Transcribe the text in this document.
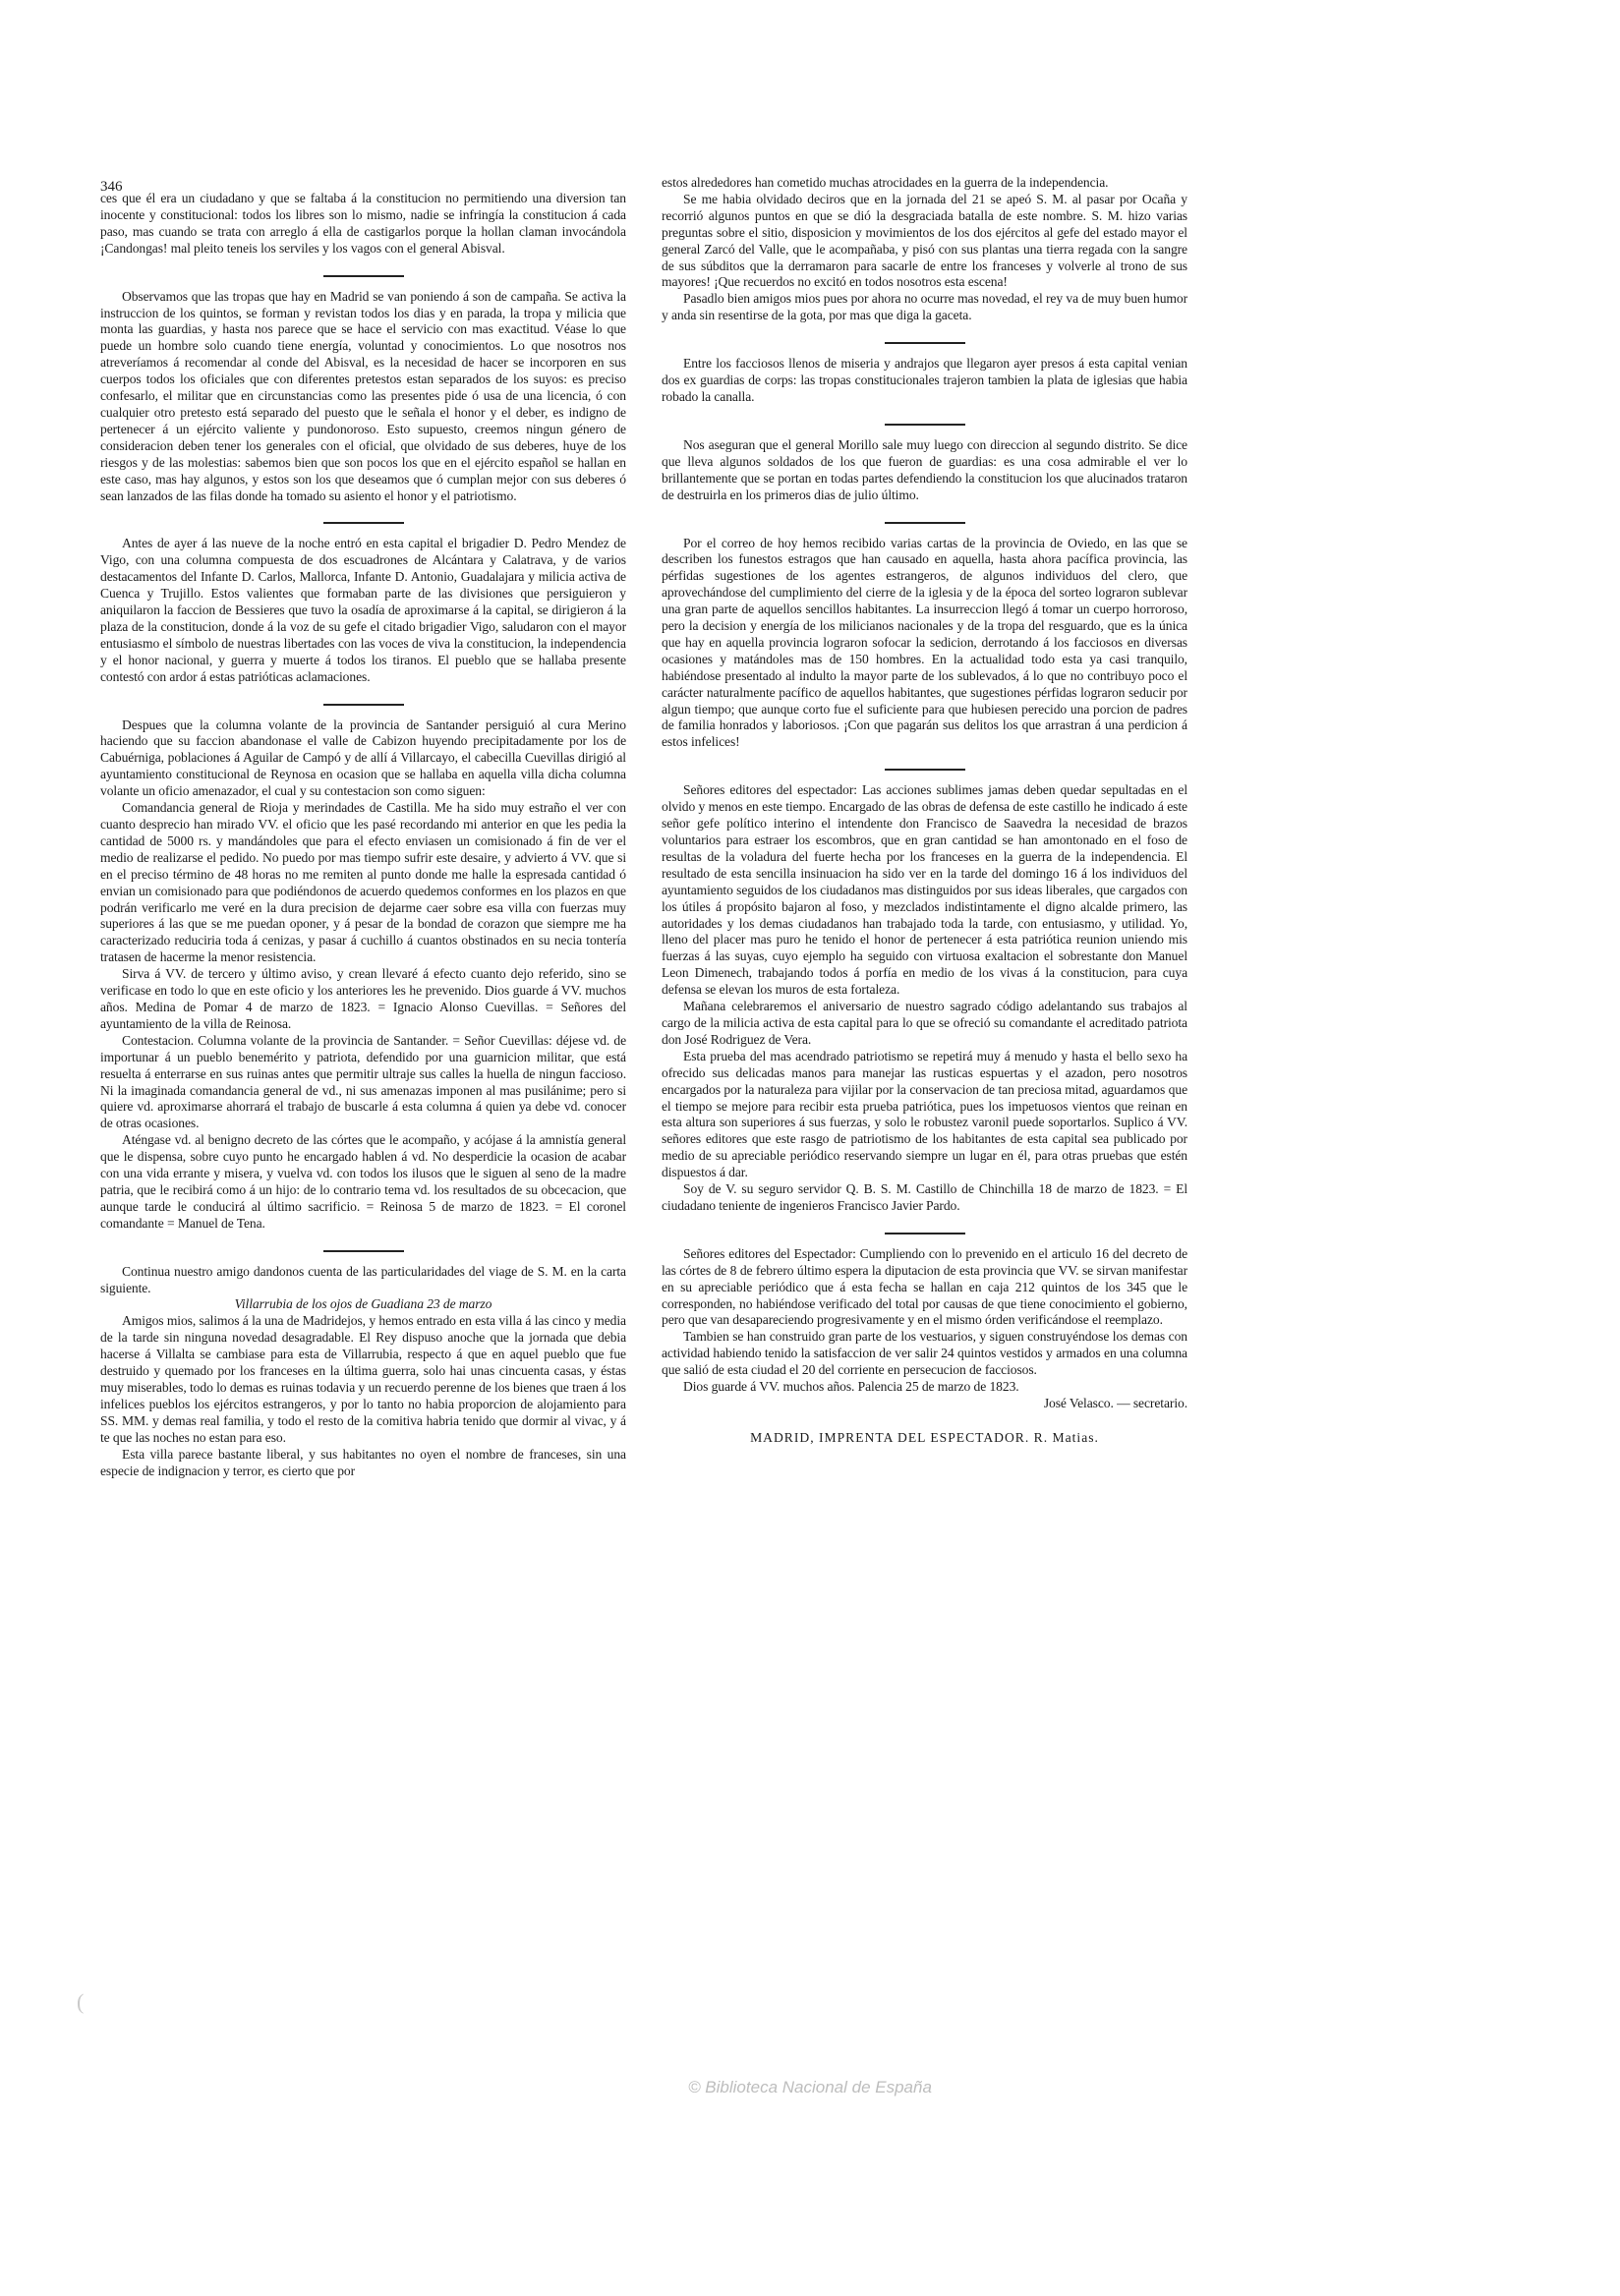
346

ces que él era un ciudadano y que se faltaba á la constitucion no permitiendo una diversion tan inocente y constitucional: todos los libres son lo mismo, nadie se infringía la constitucion á cada paso, mas cuando se trata con arreglo á ella de castigarlos porque la hollan claman invocándola ¡Candongas! mal pleito teneis los serviles y los vagos con el general Abisval.

Observamos que las tropas que hay en Madrid se van poniendo á son de campaña. Se activa la instruccion de los quintos, se forman y revistan todos los dias y en parada, la tropa y milicia que monta las guardias, y hasta nos parece que se hace el servicio con mas exactitud. Véase lo que puede un hombre solo cuando tiene energía, voluntad y conocimientos. Lo que nosotros nos atreveríamos á recomendar al conde del Abisval, es la necesidad de hacer se incorporen en sus cuerpos todos los oficiales que con diferentes pretestos estan separados de los suyos: es preciso confesarlo, el militar que en circunstancias como las presentes pide ó usa de una licencia, ó con cualquier otro pretesto está separado del puesto que le señala el honor y el deber, es indigno de pertenecer á un ejército valiente y pundonoroso. Esto supuesto, creemos ningun género de consideracion deben tener los generales con el oficial, que olvidado de sus deberes, huye de los riesgos y de las molestias: sabemos bien que son pocos los que en el ejército español se hallan en este caso, mas hay algunos, y estos son los que deseamos que ó cumplan mejor con sus deberes ó sean lanzados de las filas donde ha tomado su asiento el honor y el patriotismo.

Antes de ayer á las nueve de la noche entró en esta capital el brigadier D. Pedro Mendez de Vigo, con una columna compuesta de dos escuadrones de Alcántara y Calatrava, y de varios destacamentos del Infante D. Carlos, Mallorca, Infante D. Antonio, Guadalajara y milicia activa de Cuenca y Trujillo. Estos valientes que formaban parte de las divisiones que persiguieron y aniquilaron la faccion de Bessieres que tuvo la osadía de aproximarse á la capital, se dirigieron á la plaza de la constitucion, donde á la voz de su gefe el citado brigadier Vigo, saludaron con el mayor entusiasmo el símbolo de nuestras libertades con las voces de viva la constitucion, la independencia y el honor nacional, y guerra y muerte á todos los tiranos. El pueblo que se hallaba presente contestó con ardor á estas patrióticas aclamaciones.

Despues que la columna volante de la provincia de Santander persiguió al cura Merino haciendo que su faccion abandonase el valle de Cabizon huyendo precipitadamente por los de Cabuérniga, poblaciones á Aguilar de Campó y de allí á Villarcayo, el cabecilla Cuevillas dirigió al ayuntamiento constitucional de Reynosa en ocasion que se hallaba en aquella villa dicha columna volante un oficio amenazador, el cual y su contestacion son como siguen:

Comandancia general de Rioja y merindades de Castilla. Me ha sido muy estraño el ver con cuanto desprecio han mirado VV. el oficio que les pasé recordando mi anterior en que les pedia la cantidad de 5000 rs. y mandándoles que para el efecto enviasen un comisionado á fin de ver el medio de realizarse el pedido. No puedo por mas tiempo sufrir este desaire, y advierto á VV. que si en el preciso término de 48 horas no me remiten al punto donde me halle la espresada cantidad ó envian un comisionado para que podiéndonos de acuerdo quedemos conformes en los plazos en que podrán verificarlo me veré en la dura precision de dejarme caer sobre esa villa con fuerzas muy superiores á las que se me puedan oponer, y á pesar de la bondad de corazon que siempre me ha caracterizado reduciria toda á cenizas, y pasar á cuchillo á cuantos obstinados en su necia tontería tratasen de hacerme la menor resistencia.

Sirva á VV. de tercero y último aviso, y crean llevaré á efecto cuanto dejo referido, sino se verificase en todo lo que en este oficio y los anteriores les he prevenido. Dios guarde á VV. muchos años. Medina de Pomar 4 de marzo de 1823. = Ignacio Alonso Cuevillas. = Señores del ayuntamiento de la villa de Reinosa.

Contestacion. Columna volante de la provincia de Santander. = Señor Cuevillas: déjese vd. de importunar á un pueblo benemérito y patriota, defendido por una guarnicion militar, que está resuelta á enterrarse en sus ruinas antes que permitir ultraje sus calles la huella de ningun faccioso. Ni la imaginada comandancia general de vd., ni sus amenazas imponen al mas pusilánime; pero si quiere vd. aproximarse ahorrará el trabajo de buscarle á esta columna á quien ya debe vd. conocer de otras ocasiones.

Aténgase vd. al benigno decreto de las córtes que le acompaño, y acójase á la amnistía general que le dispensa, sobre cuyo punto he encargado hablen á vd. No desperdicie la ocasion de acabar con una vida errante y misera, y vuelva vd. con todos los ilusos que le siguen al seno de la madre patria, que le recibirá como á un hijo: de lo contrario tema vd. los resultados de su obcecacion, que aunque tarde le conducirá al último sacrificio. = Reinosa 5 de marzo de 1823. = El coronel comandante = Manuel de Tena.

Continua nuestro amigo dandonos cuenta de las particularidades del viage de S. M. en la carta siguiente.

Villarrubia de los ojos de Guadiana 23 de marzo

Amigos mios, salimos á la una de Madridejos, y hemos entrado en esta villa á las cinco y media de la tarde sin ninguna novedad desagradable. El Rey dispuso anoche que la jornada que debia hacerse á Villalta se cambiase para esta de Villarrubia, respecto á que en aquel pueblo que fue destruido y quemado por los franceses en la última guerra, solo hai unas cincuenta casas, y éstas muy miserables, todo lo demas es ruinas todavia y un recuerdo perenne de los bienes que traen á los infelices pueblos los ejércitos estrangeros, y por lo tanto no habia proporcion de alojamiento para SS. MM. y demas real familia, y todo el resto de la comitiva habria tenido que dormir al vivac, y á te que las noches no estan para eso.

Esta villa parece bastante liberal, y sus habitantes no oyen el nombre de franceses, sin una especie de indignacion y terror, es cierto que por

estos alrededores han cometido muchas atrocidades en la guerra de la independencia.

Se me habia olvidado deciros que en la jornada del 21 se apeó S. M. al pasar por Ocaña y recorrió algunos puntos en que se dió la desgraciada batalla de este nombre. S. M. hizo varias preguntas sobre el sitio, disposicion y movimientos de los dos ejércitos al gefe del estado mayor el general Zarcó del Valle, que le acompañaba, y pisó con sus plantas una tierra regada con la sangre de sus súbditos que la derramaron para sacarle de entre los franceses y volverle al trono de sus mayores! ¡Que recuerdos no excitó en todos nosotros esta escena!

Pasadlo bien amigos mios pues por ahora no ocurre mas novedad, el rey va de muy buen humor y anda sin resentirse de la gota, por mas que diga la gaceta.

Entre los facciosos llenos de miseria y andrajos que llegaron ayer presos á esta capital venian dos ex guardias de corps: las tropas constitucionales trajeron tambien la plata de iglesias que habia robado la canalla.

Nos aseguran que el general Morillo sale muy luego con direccion al segundo distrito. Se dice que lleva algunos soldados de los que fueron de guardias: es una cosa admirable el ver lo brillantemente que se portan en todas partes defendiendo la constitucion los que alucinados trataron de destruirla en los primeros dias de julio último.

Por el correo de hoy hemos recibido varias cartas de la provincia de Oviedo, en las que se describen los funestos estragos que han causado en aquella, hasta ahora pacífica provincia, las pérfidas sugestiones de los agentes estrangeros, de algunos individuos del clero, que aprovechándose del cumplimiento del cierre de la iglesia y de la época del sorteo lograron sublevar una gran parte de aquellos sencillos habitantes. La insurreccion llegó á tomar un cuerpo horroroso, pero la decision y energía de los milicianos nacionales y de la tropa del resguardo, que es la única que hay en aquella provincia lograron sofocar la sedicion, derrotando á los facciosos en diversas ocasiones y matándoles mas de 150 hombres. En la actualidad todo esta ya casi tranquilo, habiéndose presentado al indulto la mayor parte de los sublevados, á lo que no contribuyo poco el carácter naturalmente pacífico de aquellos habitantes, que sugestiones pérfidas lograron seducir por algun tiempo; que aunque corto fue el suficiente para que hubiesen perecido una porcion de padres de familia honrados y laboriosos. ¡Con que pagarán sus delitos los que arrastran á una perdicion á estos infelices!

Señores editores del espectador: Las acciones sublimes jamas deben quedar sepultadas en el olvido y menos en este tiempo. Encargado de las obras de defensa de este castillo he indicado á este señor gefe político interino el intendente don Francisco de Saavedra la necesidad de brazos voluntarios para estraer los escombros, que en gran cantidad se han amontonado en el foso de resultas de la voladura del fuerte hecha por los franceses en la guerra de la independencia. El resultado de esta sencilla insinuacion ha sido ver en la tarde del domingo 16 á los individuos del ayuntamiento seguidos de los ciudadanos mas distinguidos por sus ideas liberales, que cargados con los útiles á propósito bajaron al foso, y mezclados indistintamente el digno alcalde primero, las autoridades y los demas ciudadanos han trabajado toda la tarde, con entusiasmo, y utilidad. Yo, lleno del placer mas puro he tenido el honor de pertenecer á esta patriótica reunion uniendo mis fuerzas á las suyas, cuyo ejemplo ha seguido con virtuosa exaltacion el sobrestante don Manuel Leon Dimenech, trabajando todos á porfía en medio de los vivas á la constitucion, para cuya defensa se elevan los muros de esta fortaleza.

Mañana celebraremos el aniversario de nuestro sagrado código adelantando sus trabajos al cargo de la milicia activa de esta capital para lo que se ofreció su comandante el acreditado patriota don José Rodriguez de Vera.

Esta prueba del mas acendrado patriotismo se repetirá muy á menudo y hasta el bello sexo ha ofrecido sus delicadas manos para manejar las rusticas espuertas y el azadon, pero nosotros encargados por la naturaleza para vijilar por la conservacion de tan preciosa mitad, aguardamos que el tiempo se mejore para recibir esta prueba patriótica, pues los impetuosos vientos que reinan en esta altura son superiores á sus fuerzas, y solo le robustez varonil puede soportarlos. Suplico á VV. señores editores que este rasgo de patriotismo de los habitantes de esta capital sea publicado por medio de su apreciable periódico reservando siempre un lugar en él, para otras pruebas que estén dispuestos á dar.

Soy de V. su seguro servidor Q. B. S. M. Castillo de Chinchilla 18 de marzo de 1823. = El ciudadano teniente de ingenieros Francisco Javier Pardo.

Señores editores del Espectador: Cumpliendo con lo prevenido en el articulo 16 del decreto de las córtes de 8 de febrero último espera la diputacion de esta provincia que VV. se sirvan manifestar en su apreciable periódico que á esta fecha se hallan en caja 212 quintos de los 345 que le corresponden, no habiéndose verificado del total por causas de que tiene conocimiento el gobierno, pero que van desapareciendo progresivamente y en el mismo órden verificándose el reemplazo.

Tambien se han construido gran parte de los vestuarios, y siguen construyéndose los demas con actividad habiendo tenido la satisfaccion de ver salir 24 quintos vestidos y armados en una columna que salió de esta ciudad el 20 del corriente en persecucion de facciosos.

Dios guarde á VV. muchos años. Palencia 25 de marzo de 1823.

José Velasco. — secretario.

MADRID, IMPRENTA DEL ESPECTADOR. R. Matias.

(
© Biblioteca Nacional de España
